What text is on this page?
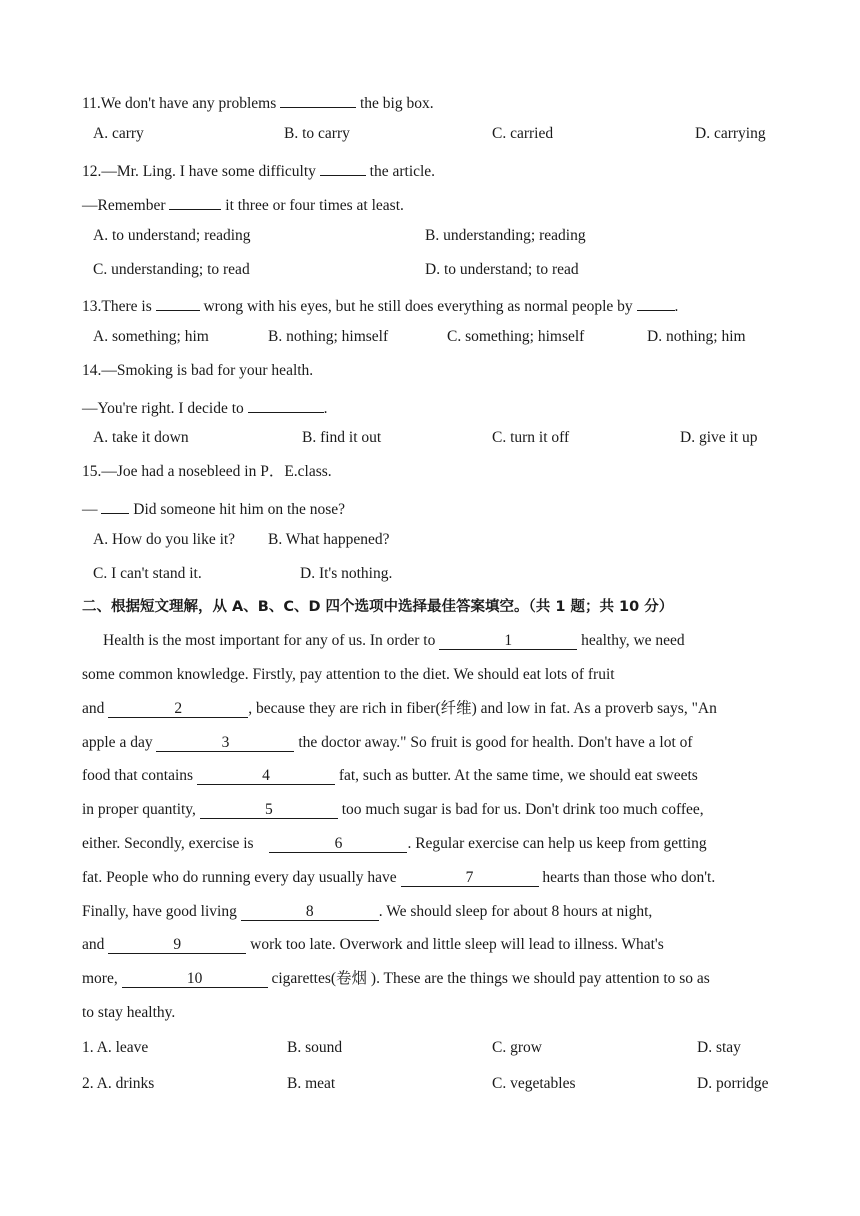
11.We don't have any problems	the big box.
A. carry	B. to carry	C. carried	D. carrying
12.—Mr. Ling. I have some difficulty	the article.
—Remember	it three or four times at least.
A. to understand; reading	B. understanding; reading
C. understanding; to read	D. to understand; to read
13.There is	wrong with his eyes, but he still does everything as normal people by .
A. something; him	B. nothing; himself	C. something; himself	D. nothing; him
14.—Smoking is bad for your health.
—You're right. I decide to	.
A. take it down	B. find it out	C. turn it off	D. give it up
15.—Joe had a nosebleed in P．E.class.
—  Did someone hit him on the nose?
A. How do you like it? B. What happened?
C. I can't stand it.	D. It's nothing.
二、根据短文理解，从 A、B、C、D 四个选项中选择最佳答案填空。（共 1 题；共 10 分）
Health is the most important for any of us. In order to	1	healthy, we need
some common knowledge. Firstly, pay attention to the diet. We should eat lots of fruit
and	2	, because they are rich in fiber(纤维) and low in fat. As a proverb says, "An
apple a day	3	the doctor away." So fruit is good for health. Don't have a lot of
food that contains	4	fat, such as butter. At the same time, we should eat sweets
in proper quantity,	5	too much sugar is bad for us. Don't drink too much coffee,
either. Secondly, exercise is	6	. Regular exercise can help us keep from getting
fat. People who do running every day usually have	7	hearts than those who don't.
Finally, have good living	8	. We should sleep for about 8 hours at night,
and	9	work too late. Overwork and little sleep will lead to illness. What's
more,	10	cigarettes(卷烟 ). These are the things we should pay attention to so as
to stay healthy.
1. A. leave	B. sound	C. grow	D. stay
2. A. drinks	B. meat	C. vegetables	D. porridge
